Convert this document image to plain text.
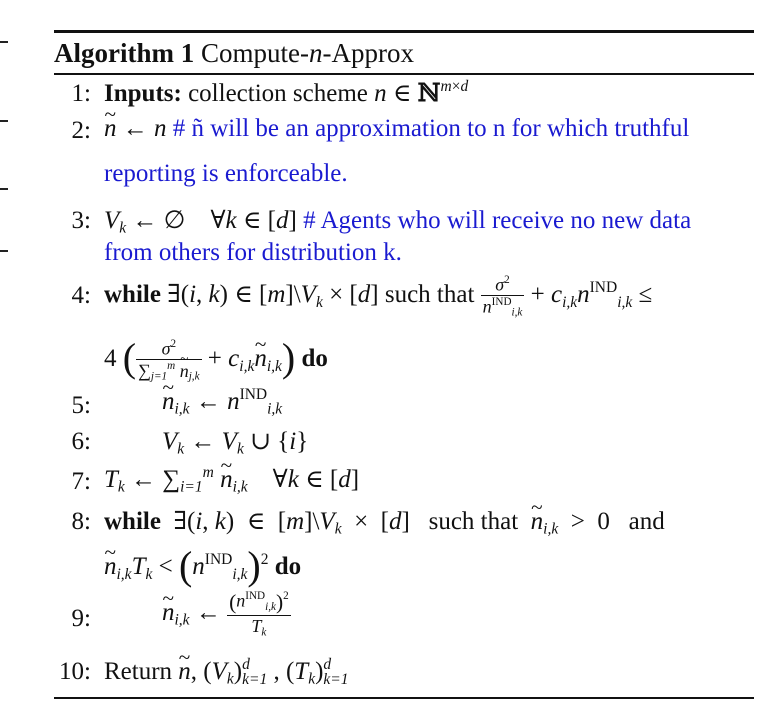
Algorithm 1 Compute-n-Approx
1: Inputs: collection scheme n ∈ ℕ$^{m\times d}$
2: ~ n ← n # ñ will be an approximation to n for which truthful
reporting is enforceable.
3: Vk ← ∅    ∀k ∈ [d] # Agents who will receive no new data
from others for distribution k.
4: while ∃(i, k) ∈ [m]\Vk × [d] such that $\frac{\sigma^2}{n^{IND}i,k} + ci,kn^{IND}i,k$ ≤
4 ( $\frac{\sigma^2}{\sum j=1^m \sim nj,k}$ + ci,k~ ni,k) do
5:	~ ni,k ← $n^{IND}i,k$
6:	Vk ← Vk ∪ {i}
7: Tk ← $\sum i=1^m$ ~ ni,k    ∀k ∈ [d]
8: while  ∃(i, k)  ∈  [m]\Vk  ×  [d]   such that ~ ni,k  >  0   and
~ $ni,kTk < (n^{IND}i,k)^2$ do
9:	~ ni,k ← $\frac{(n^{IND}i,k)^2}{Tk}$
10: Return ~ n, $(Vk)^dk=1$ , $(Tk)^dk=1$
